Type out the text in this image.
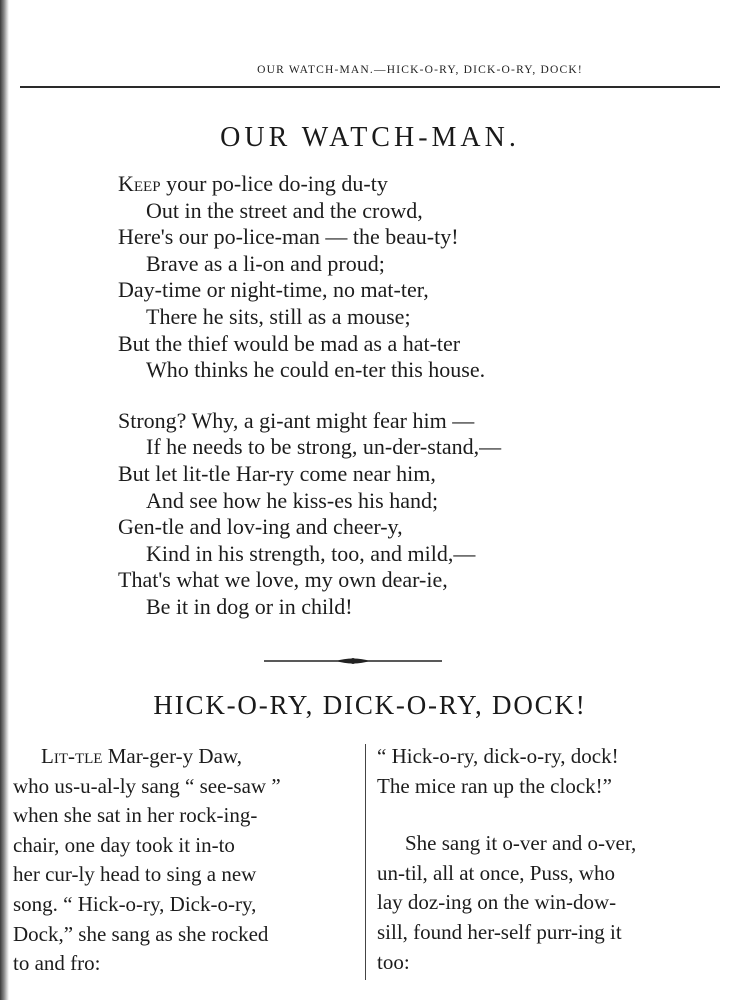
OUR WATCH-MAN.—HICK-O-RY, DICK-O-RY, DOCK!
OUR WATCH-MAN.
Keep your po-lice do-ing du-ty
Out in the street and the crowd,
Here's our po-lice-man — the beau-ty!
Brave as a li-on and proud;
Day-time or night-time, no mat-ter,
There he sits, still as a mouse;
But the thief would be mad as a hat-ter
Who thinks he could en-ter this house.
Strong? Why, a gi-ant might fear him —
If he needs to be strong, un-der-stand,—
But let lit-tle Har-ry come near him,
And see how he kiss-es his hand;
Gen-tle and lov-ing and cheer-y,
Kind in his strength, too, and mild,—
That's what we love, my own dear-ie,
Be it in dog or in child!
HICK-O-RY, DICK-O-RY, DOCK!
Lit-tle Mar-ger-y Daw,
who us-u-al-ly sang “ see-saw ”
when she sat in her rock-ing-
chair, one day took it in-to
her cur-ly head to sing a new
song. “ Hick-o-ry, Dick-o-ry,
Dock,” she sang as she rocked
to and fro:
“ Hick-o-ry, dick-o-ry, dock!
The mice ran up the clock!”
She sang it o-ver and o-ver,
un-til, all at once, Puss, who
lay doz-ing on the win-dow-
sill, found her-self purr-ing it
too:
